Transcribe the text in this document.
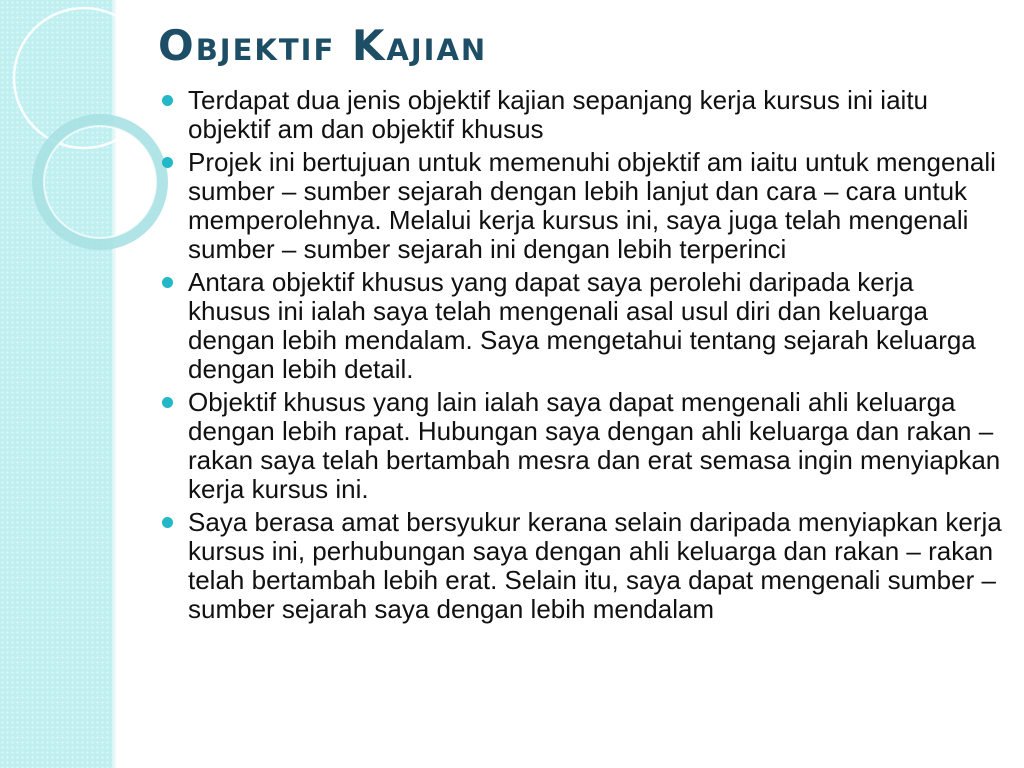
Objektif Kajian
Terdapat dua jenis objektif kajian sepanjang kerja kursus ini iaitu objektif am dan objektif khusus
Projek ini bertujuan untuk memenuhi objektif am iaitu untuk mengenali sumber – sumber sejarah dengan lebih lanjut dan cara – cara untuk memperolehnya. Melalui kerja kursus ini, saya juga telah mengenali sumber – sumber sejarah ini dengan lebih terperinci
Antara objektif khusus yang dapat saya perolehi daripada kerja khusus ini ialah saya telah mengenali asal usul diri dan keluarga dengan lebih mendalam. Saya mengetahui tentang sejarah keluarga dengan lebih detail.
Objektif khusus yang lain ialah saya dapat mengenali ahli keluarga dengan lebih rapat. Hubungan saya dengan ahli keluarga dan rakan – rakan saya telah bertambah mesra dan erat semasa ingin menyiapkan kerja kursus ini.
Saya berasa amat bersyukur kerana selain daripada menyiapkan kerja kursus ini, perhubungan saya dengan ahli keluarga dan rakan – rakan telah bertambah lebih erat. Selain itu, saya dapat mengenali sumber – sumber sejarah saya dengan lebih mendalam
